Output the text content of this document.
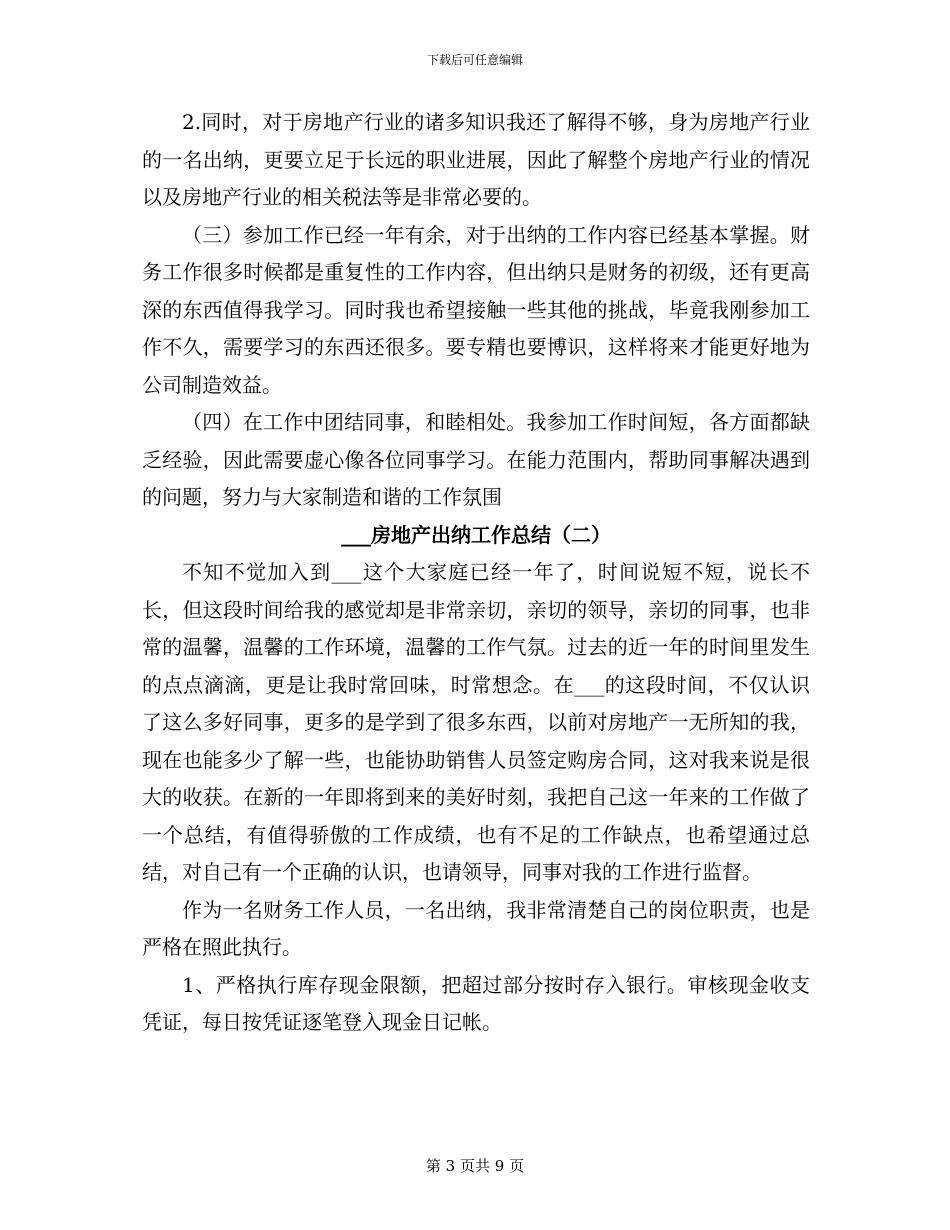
下载后可任意编辑

2.同时，对于房地产行业的诸多知识我还了解得不够，身为房地产行业的一名出纳，更要立足于长远的职业进展，因此了解整个房地产行业的情况以及房地产行业的相关税法等是非常必要的。

（三）参加工作已经一年有余，对于出纳的工作内容已经基本掌握。财务工作很多时候都是重复性的工作内容，但出纳只是财务的初级，还有更高深的东西值得我学习。同时我也希望接触一些其他的挑战，毕竟我刚参加工作不久，需要学习的东西还很多。要专精也要博识，这样将来才能更好地为公司制造效益。

（四）在工作中团结同事，和睦相处。我参加工作时间短，各方面都缺乏经验，因此需要虚心像各位同事学习。在能力范围内，帮助同事解决遇到的问题，努力与大家制造和谐的工作氛围

___房地产出纳工作总结（二）

不知不觉加入到___这个大家庭已经一年了，时间说短不短，说长不长，但这段时间给我的感觉却是非常亲切，亲切的领导，亲切的同事，也非常的温馨，温馨的工作环境，温馨的工作气氛。过去的近一年的时间里发生的点点滴滴，更是让我时常回味，时常想念。在___的这段时间，不仅认识了这么多好同事，更多的是学到了很多东西，以前对房地产一无所知的我，现在也能多少了解一些，也能协助销售人员签定购房合同，这对我来说是很大的收获。在新的一年即将到来的美好时刻，我把自己这一年来的工作做了一个总结，有值得骄傲的工作成绩，也有不足的工作缺点，也希望通过总结，对自己有一个正确的认识，也请领导，同事对我的工作进行监督。

作为一名财务工作人员，一名出纳，我非常清楚自己的岗位职责，也是严格在照此执行。

1、严格执行库存现金限额，把超过部分按时存入银行。审核现金收支凭证，每日按凭证逐笔登入现金日记帐。

第 3 页共 9 页
